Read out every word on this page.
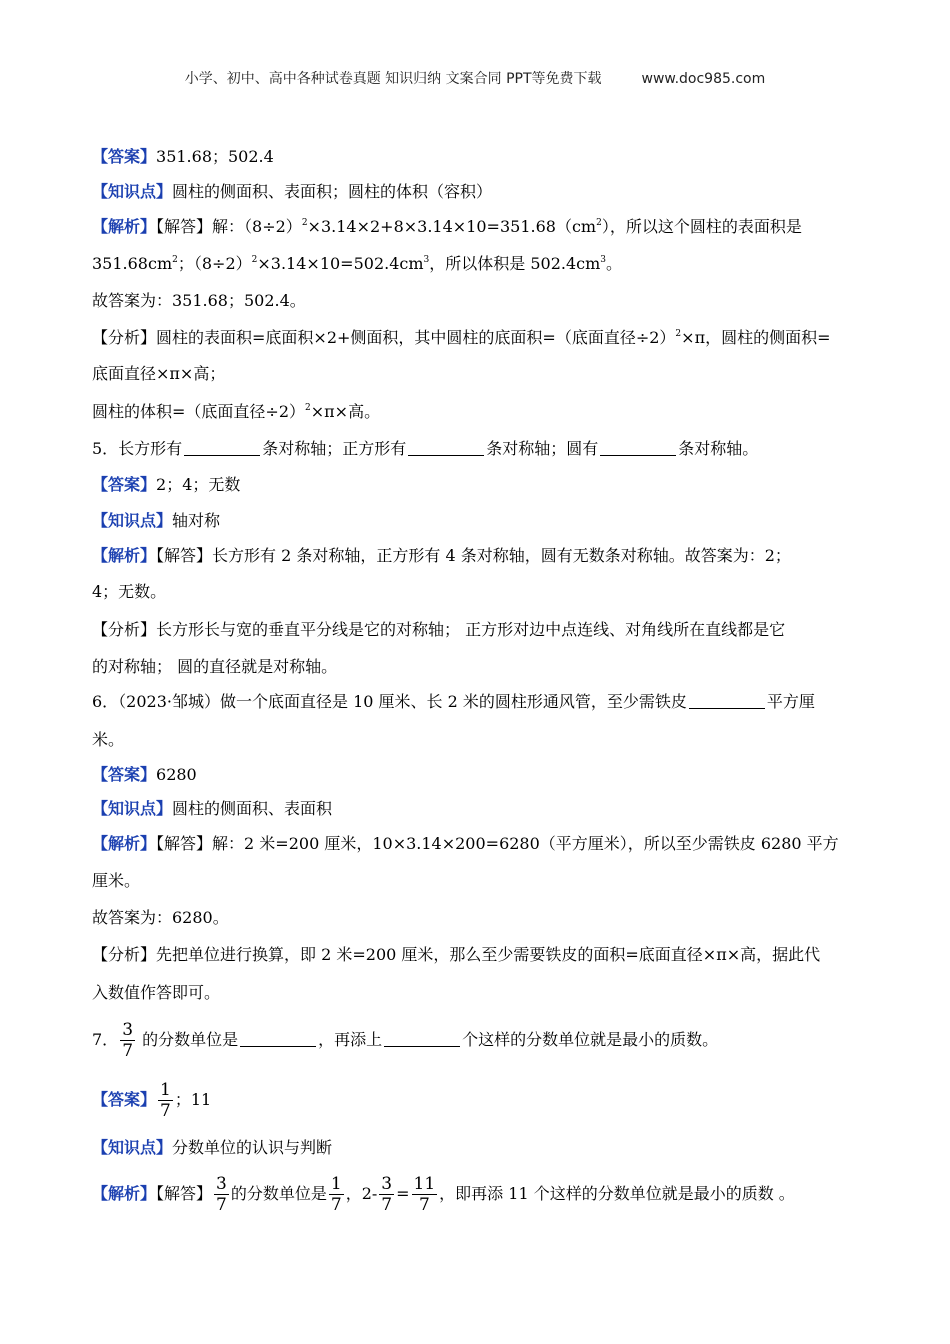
小学、初中、高中各种试卷真题 知识归纳 文案合同 PPT等免费下载	www.doc985.com
【答案】351.68；502.4
【知识点】圆柱的侧面积、表面积；圆柱的体积（容积）
【解析】【解答】解：$(8\div 2)^2\times 3.14\times 2+8\times 3.14\times 10=351.68(cm^2)$，所以这个圆柱的表面积是
$351.68cm^2$；$(8\div 2)^2\times 3.14\times 10=502.4cm^3$，所以体积是 $502.4cm^3$。
故答案为：351.68；502.4。
【分析】圆柱的表面积=底面积×2+侧面积，其中圆柱的底面积=（底面直径÷2）$^2$×π，圆柱的侧面积=
底面直径×π×高；
圆柱的体积=（底面直径÷2）$^2$×π×高。
5．长方形有	条对称轴；正方形有	条对称轴；圆有	条对称轴。
【答案】2；4；无数
【知识点】轴对称
【解析】【解答】长方形有 2 条对称轴，正方形有 4 条对称轴，圆有无数条对称轴。故答案为：2；
4；无数。
【分析】长方形长与宽的垂直平分线是它的对称轴； 正方形对边中点连线、对角线所在直线都是它
的对称轴； 圆的直径就是对称轴。
6．（2023·邹城）做一个底面直径是 10 厘米、长 2 米的圆柱形通风管，至少需铁皮	平方厘
米。
【答案】6280
【知识点】圆柱的侧面积、表面积
【解析】【解答】解：2 米=200 厘米，10×3.14×200=6280（平方厘米），所以至少需铁皮 6280 平方
厘米。
故答案为：6280。
【分析】先把单位进行换算，即 2 米=200 厘米，那么至少需要铁皮的面积=底面直径×π×高，据此代
入数值作答即可。
7． $\frac{3}{7}$ 的分数单位是	，再添上	个这样的分数单位就是最小的质数。
【答案】 $\frac{1}{7}$ ；11
【知识点】分数单位的认识与判断
【解析】【解答】 $\frac{3}{7}$ 的分数单位是 $\frac{1}{7}$ ，$2- \frac{3}{7} = \frac{11}{7}$ ，即再添 11 个这样的分数单位就是最小的质数 。
